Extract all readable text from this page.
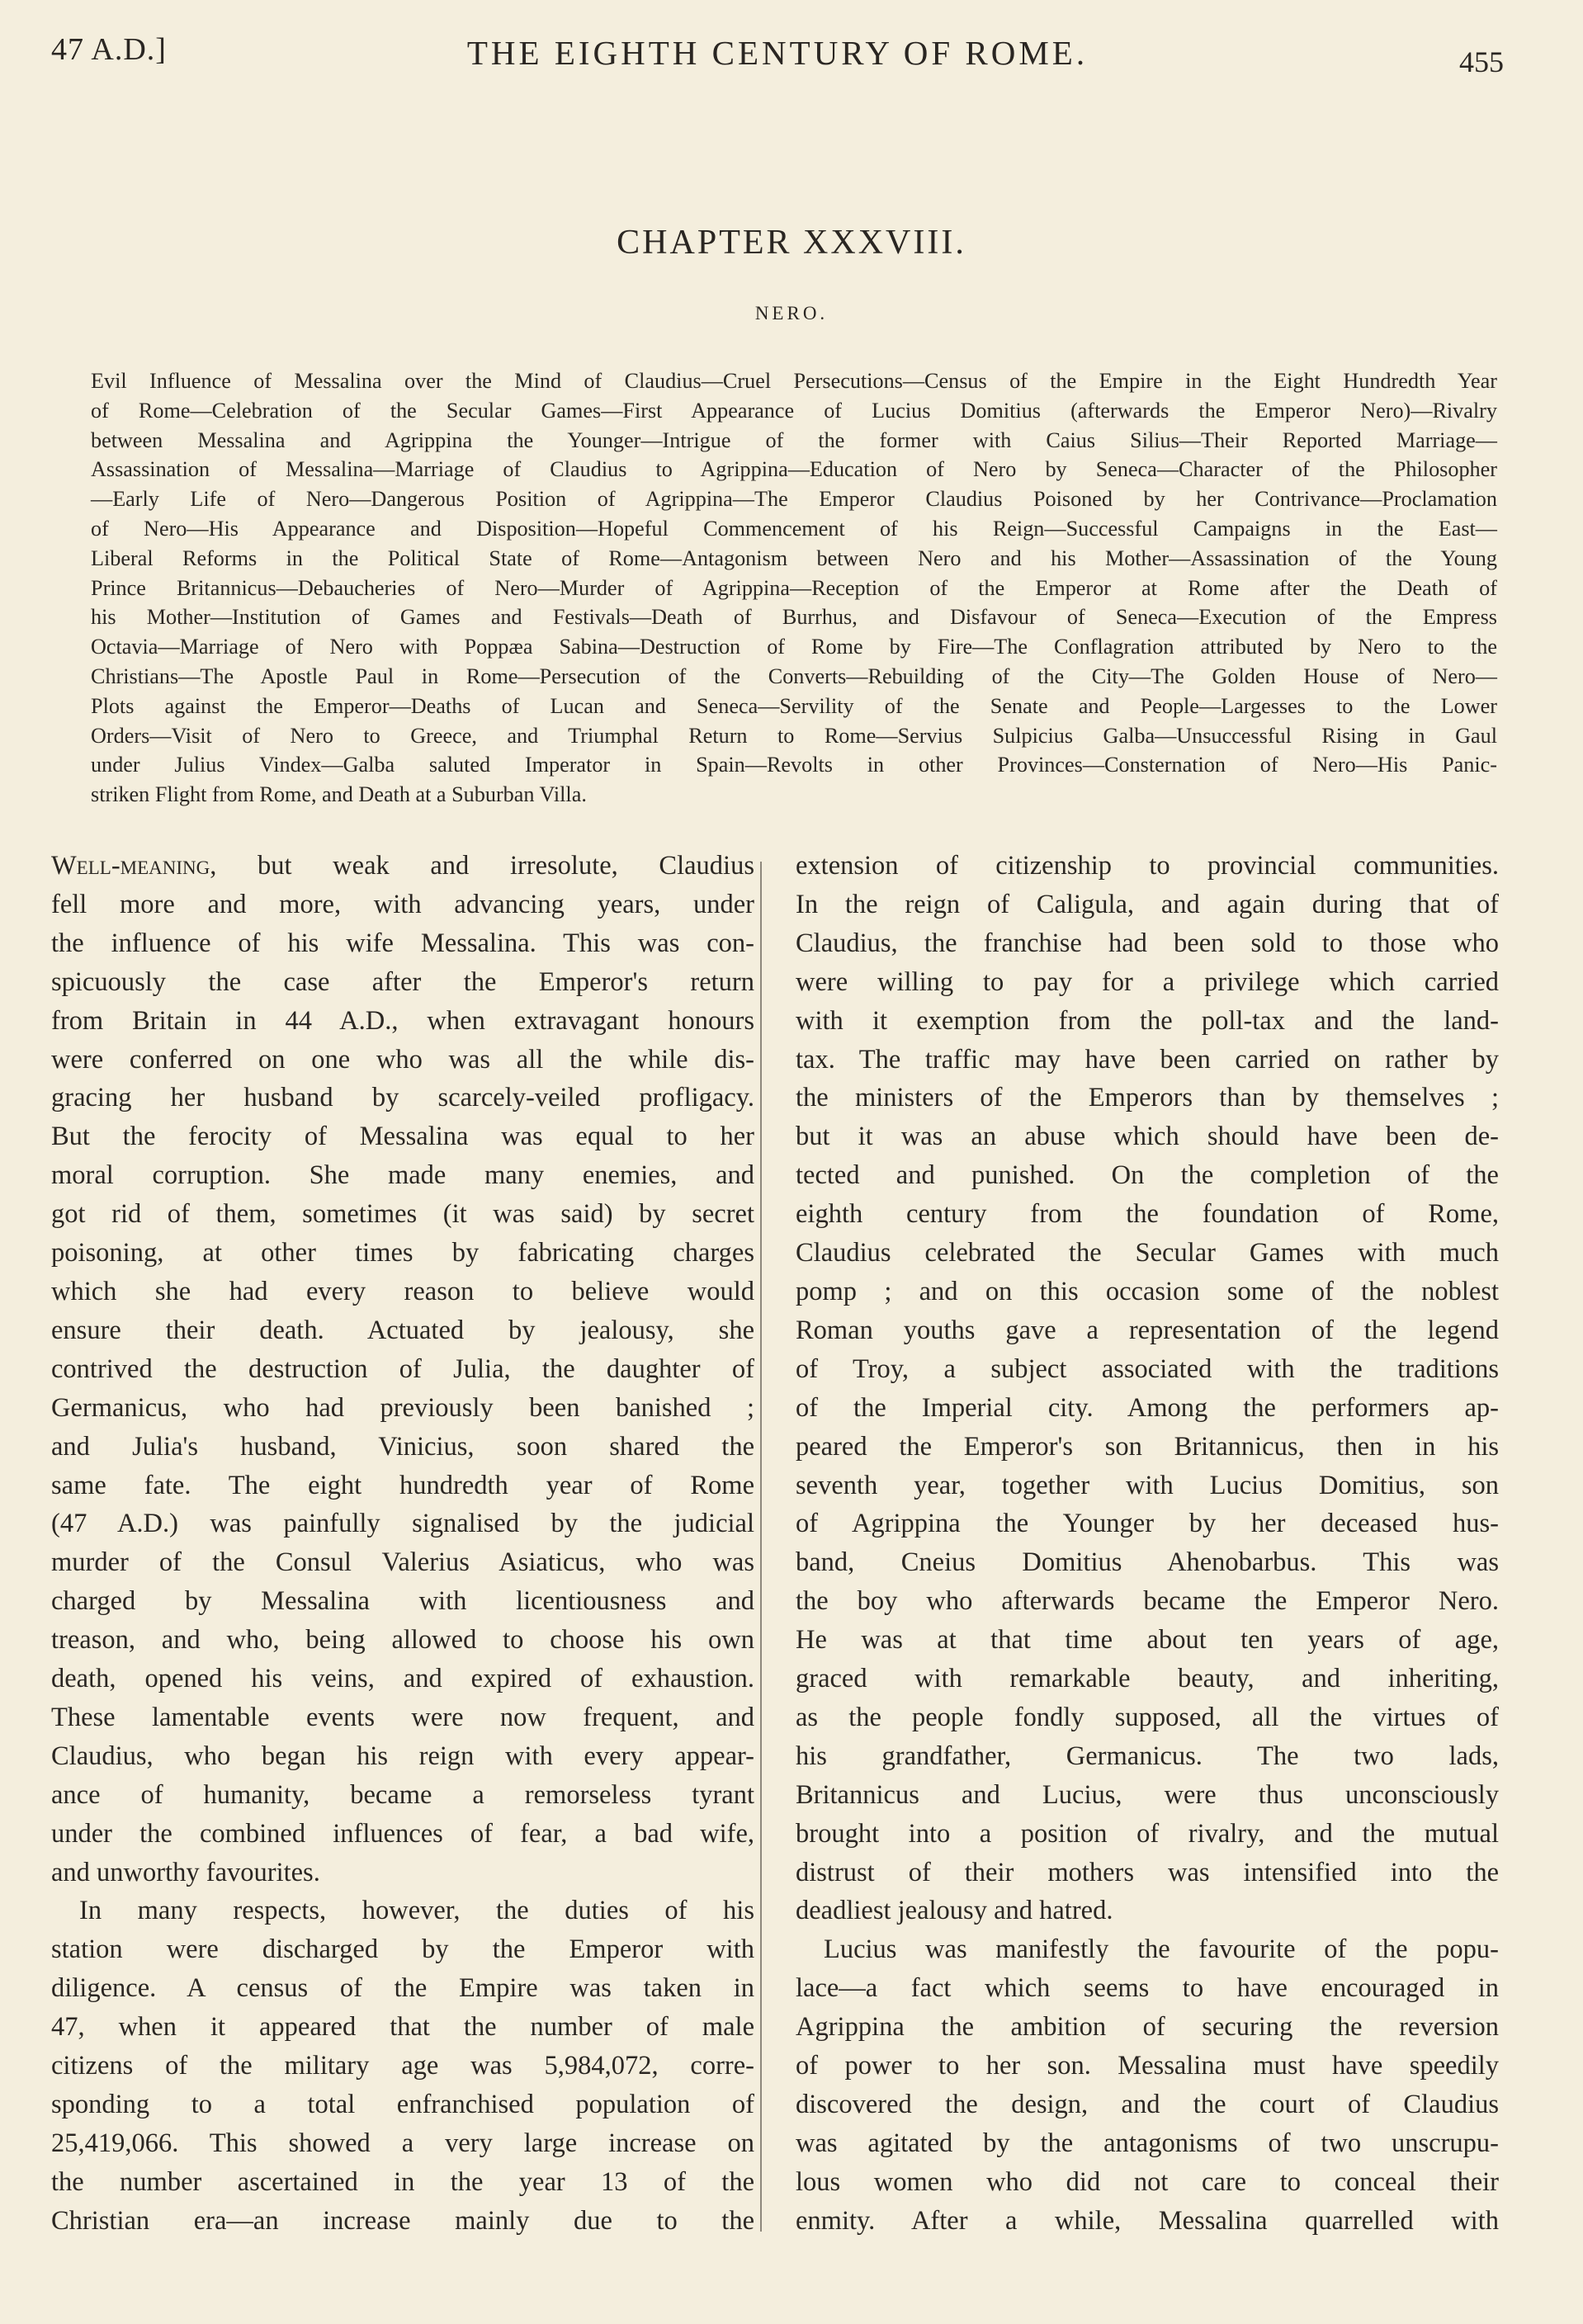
47 A.D.]	THE EIGHTH CENTURY OF ROME.	455
CHAPTER XXXVIII.
NERO.
Evil Influence of Messalina over the Mind of Claudius—Cruel Persecutions—Census of the Empire in the Eight Hundredth Year
of Rome—Celebration of the Secular Games—First Appearance of Lucius Domitius (afterwards the Emperor Nero)—Rivalry
between Messalina and Agrippina the Younger—Intrigue of the former with Caius Silius—Their Reported Marriage—
Assassination of Messalina—Marriage of Claudius to Agrippina—Education of Nero by Seneca—Character of the Philosopher
—Early Life of Nero—Dangerous Position of Agrippina—The Emperor Claudius Poisoned by her Contrivance—Proclamation
of Nero—His Appearance and Disposition—Hopeful Commencement of his Reign—Successful Campaigns in the East—
Liberal Reforms in the Political State of Rome—Antagonism between Nero and his Mother—Assassination of the Young
Prince Britannicus—Debaucheries of Nero—Murder of Agrippina—Reception of the Emperor at Rome after the Death of
his Mother—Institution of Games and Festivals—Death of Burrhus, and Disfavour of Seneca—Execution of the Empress
Octavia—Marriage of Nero with Poppæa Sabina—Destruction of Rome by Fire—The Conflagration attributed by Nero to the
Christians—The Apostle Paul in Rome—Persecution of the Converts—Rebuilding of the City—The Golden House of Nero—
Plots against the Emperor—Deaths of Lucan and Seneca—Servility of the Senate and People—Largesses to the Lower
Orders—Visit of Nero to Greece, and Triumphal Return to Rome—Servius Sulpicius Galba—Unsuccessful Rising in Gaul
under Julius Vindex—Galba saluted Imperator in Spain—Revolts in other Provinces—Consternation of Nero—His Panic-
striken Flight from Rome, and Death at a Suburban Villa.
Well-meaning, but weak and irresolute, Claudius
fell more and more, with advancing years, under
the influence of his wife Messalina. This was con-
spicuously the case after the Emperor's return
from Britain in 44 A.D., when extravagant honours
were conferred on one who was all the while dis-
gracing her husband by scarcely-veiled profligacy.
But the ferocity of Messalina was equal to her
moral corruption. She made many enemies, and
got rid of them, sometimes (it was said) by secret
poisoning, at other times by fabricating charges
which she had every reason to believe would
ensure their death. Actuated by jealousy, she
contrived the destruction of Julia, the daughter of
Germanicus, who had previously been banished ;
and Julia's husband, Vinicius, soon shared the
same fate. The eight hundredth year of Rome
(47 A.D.) was painfully signalised by the judicial
murder of the Consul Valerius Asiaticus, who was
charged by Messalina with licentiousness and
treason, and who, being allowed to choose his own
death, opened his veins, and expired of exhaustion.
These lamentable events were now frequent, and
Claudius, who began his reign with every appear-
ance of humanity, became a remorseless tyrant
under the combined influences of fear, a bad wife,
and unworthy favourites.
In many respects, however, the duties of his
station were discharged by the Emperor with
diligence. A census of the Empire was taken in
47, when it appeared that the number of male
citizens of the military age was 5,984,072, corre-
sponding to a total enfranchised population of
25,419,066. This showed a very large increase on
the number ascertained in the year 13 of the
Christian era—an increase mainly due to the
extension of citizenship to provincial communities.
In the reign of Caligula, and again during that of
Claudius, the franchise had been sold to those who
were willing to pay for a privilege which carried
with it exemption from the poll-tax and the land-
tax. The traffic may have been carried on rather by
the ministers of the Emperors than by themselves ;
but it was an abuse which should have been de-
tected and punished. On the completion of the
eighth century from the foundation of Rome,
Claudius celebrated the Secular Games with much
pomp ; and on this occasion some of the noblest
Roman youths gave a representation of the legend
of Troy, a subject associated with the traditions
of the Imperial city. Among the performers ap-
peared the Emperor's son Britannicus, then in his
seventh year, together with Lucius Domitius, son
of Agrippina the Younger by her deceased hus-
band, Cneius Domitius Ahenobarbus. This was
the boy who afterwards became the Emperor Nero.
He was at that time about ten years of age,
graced with remarkable beauty, and inheriting,
as the people fondly supposed, all the virtues of
his grandfather, Germanicus. The two lads,
Britannicus and Lucius, were thus unconsciously
brought into a position of rivalry, and the mutual
distrust of their mothers was intensified into the
deadliest jealousy and hatred.
Lucius was manifestly the favourite of the popu-
lace—a fact which seems to have encouraged in
Agrippina the ambition of securing the reversion
of power to her son. Messalina must have speedily
discovered the design, and the court of Claudius
was agitated by the antagonisms of two unscrupu-
lous women who did not care to conceal their
enmity. After a while, Messalina quarrelled with
